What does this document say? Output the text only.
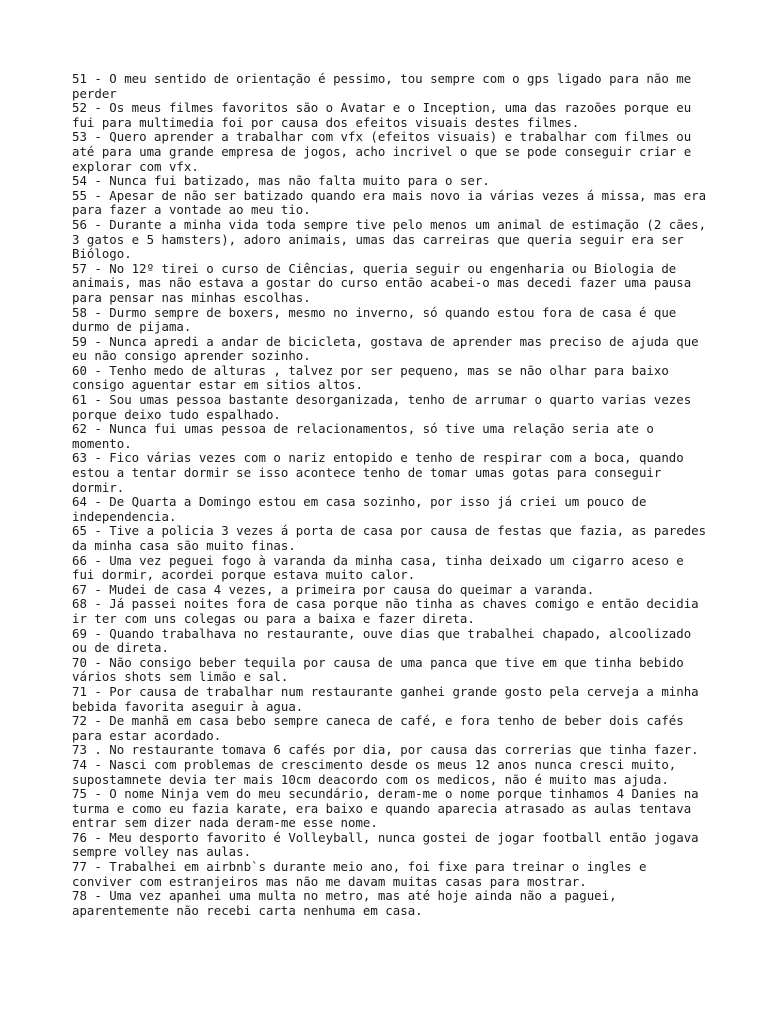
51 - O meu sentido de orientação é pessimo, tou sempre com o gps ligado para não me perder

52 - Os meus filmes favoritos são o Avatar e o Inception, uma das razoões porque eu fui para multimedia foi por causa dos efeitos visuais destes filmes.

53 - Quero aprender a trabalhar com vfx (efeitos visuais) e trabalhar com filmes ou até para uma grande empresa de jogos, acho incrivel o que se pode conseguir criar e explorar com vfx.

54 - Nunca fui batizado, mas não falta muito para o ser.

55 - Apesar de não ser batizado quando era mais novo ia várias vezes á missa, mas era para fazer a vontade ao meu tio.

56 - Durante a minha vida toda sempre tive pelo menos um animal de estimação (2 cães, 3 gatos e 5 hamsters), adoro animais, umas das carreiras que queria seguir era ser Biólogo.

57 - No 12º tirei o curso de Ciências, queria seguir ou engenharia ou Biologia de animais, mas não estava a gostar do curso então acabei-o mas decedi fazer uma pausa para pensar nas minhas escolhas.

58 - Durmo sempre de boxers, mesmo no inverno, só quando estou fora de casa é que durmo de pijama.

59 - Nunca apredi a andar de bicicleta, gostava de aprender mas preciso de ajuda que eu não consigo aprender sozinho.

60 - Tenho medo de alturas , talvez por ser pequeno, mas se não olhar para baixo consigo aguentar estar em sitios altos.

61 - Sou umas pessoa bastante desorganizada, tenho de arrumar o quarto varias vezes porque deixo tudo espalhado.

62 - Nunca fui umas pessoa de relacionamentos, só tive uma relação seria ate o momento.

63 - Fico várias vezes com o nariz entopido e tenho de respirar com a boca, quando estou a tentar dormir se isso acontece tenho de tomar umas gotas para conseguir dormir.

64 - De Quarta a Domingo estou em casa sozinho, por isso já criei um pouco de independencia.

65 - Tive a policia 3 vezes á porta de casa por causa de festas que fazia, as paredes da minha casa são muito finas.

66 - Uma vez peguei fogo à varanda da minha casa, tinha deixado um cigarro aceso e fui dormir, acordei porque estava muito calor.

67 - Mudei de casa 4 vezes, a primeira por causa do queimar a varanda.

68 - Já passei noites fora de casa porque não tinha as chaves comigo e então decidia ir ter com uns colegas ou para a baixa e fazer direta.

69 - Quando trabalhava no restaurante, ouve dias que trabalhei chapado, alcoolizado ou de direta.

70 - Não consigo beber tequila por causa de uma panca que tive em que tinha bebido vários shots sem limão e sal.

71 - Por causa de trabalhar num restaurante ganhei grande gosto pela cerveja a minha bebida favorita aseguir à agua.

72 - De manhã em casa bebo sempre caneca de café, e fora tenho de beber dois cafés para estar acordado.

73 . No restaurante tomava 6 cafés por dia, por causa das correrias que tinha fazer.

74 - Nasci com problemas de crescimento desde os meus 12 anos nunca cresci muito, supostamnete devia ter mais 10cm deacordo com os medicos, não é muito mas ajuda.

75 - O nome Ninja vem do meu secundário, deram-me o nome porque tinhamos 4 Danies na turma e como eu fazia karate, era baixo e quando aparecia atrasado as aulas tentava entrar sem dizer nada deram-me esse nome.

76 - Meu desporto favorito é Volleyball, nunca gostei de jogar football então jogava sempre volley nas aulas.

77 - Trabalhei em airbnb`s durante meio ano, foi fixe para treinar o ingles e conviver com estranjeiros mas não me davam muitas casas para mostrar.

78 - Uma vez apanhei uma multa no metro, mas até hoje ainda não a paguei, aparentemente não recebi carta nenhuma em casa.
